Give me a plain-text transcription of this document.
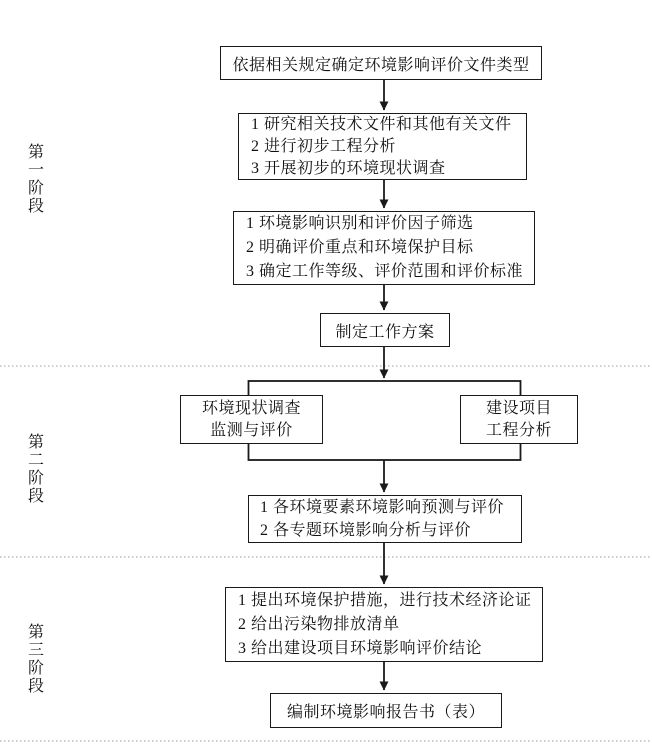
第一阶段
第二阶段
第三阶段
依据相关规定确定环境影响评价文件类型
1 研究相关技术文件和其他有关文件
2 进行初步工程分析
3 开展初步的环境现状调查
1 环境影响识别和评价因子筛选
2 明确评价重点和环境保护目标
3 确定工作等级、评价范围和评价标准
制定工作方案
环境现状调查
监测与评价
建设项目
工程分析
1 各环境要素环境影响预测与评价
2 各专题环境影响分析与评价
1 提出环境保护措施，进行技术经济论证
2 给出污染物排放清单
3 给出建设项目环境影响评价结论
编制环境影响报告书（表）
